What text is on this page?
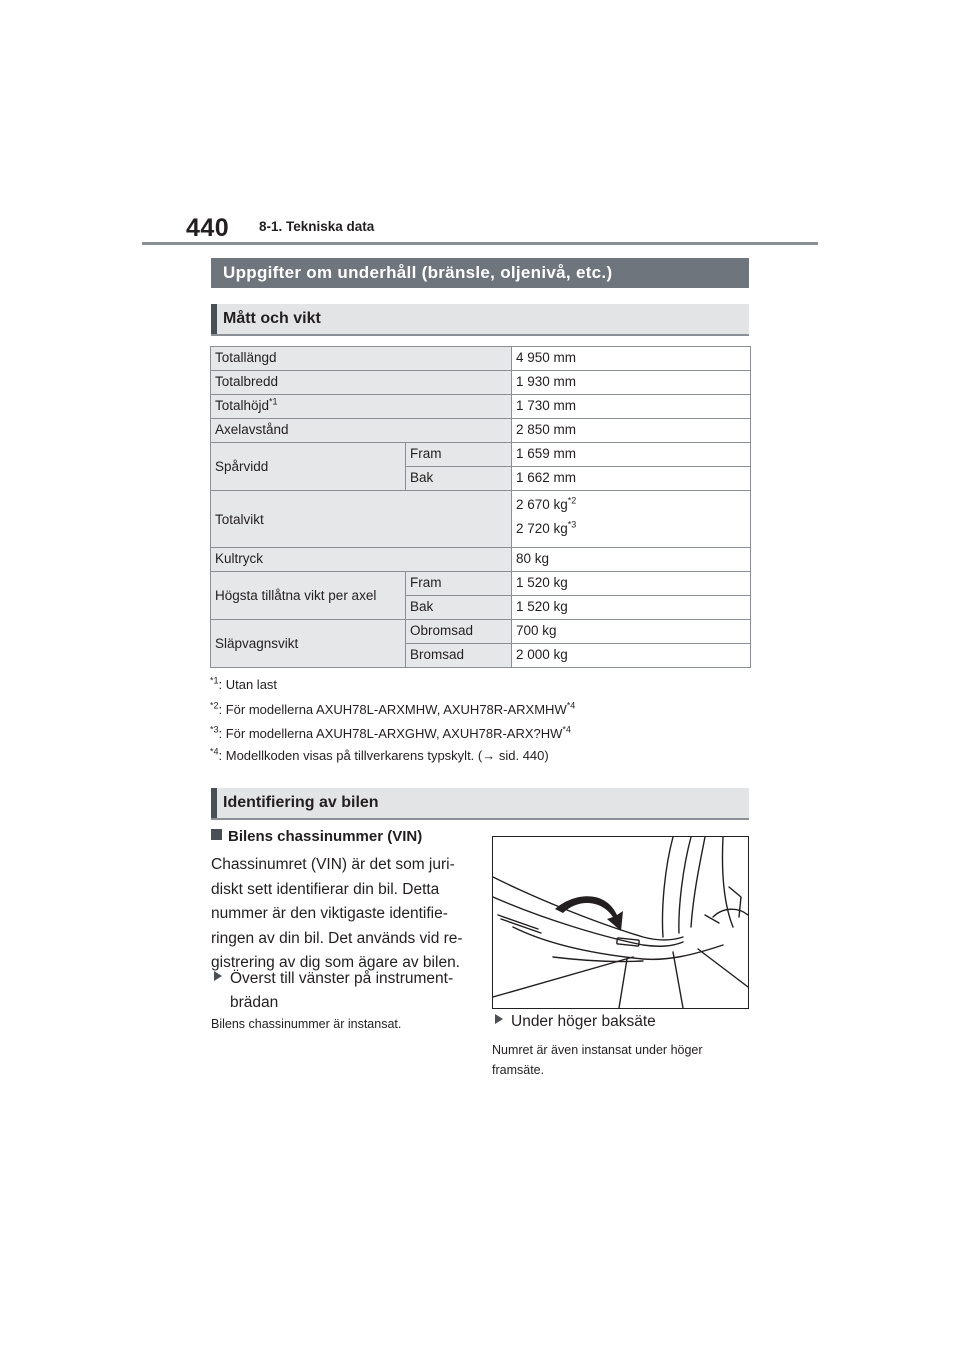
440 8-1. Tekniska data
Uppgifter om underhåll (bränsle, oljenivå, etc.)
Mått och vikt
Totallängd		4 950 mm
Totalbredd		1 930 mm
Totalhöjd$^{*1}$		1 730 mm
Axelavstånd		2 850 mm
Spårvidd	Fram	1 659 mm
	Bak	1 662 mm
Totalvikt		2 670 $kg^{*2}$
2 720 $kg^{*3}$

Kultryck		80 kg
Högsta tillåtna vikt per axel	Fram	1 520 kg
	Bak	1 520 kg
Släpvagnsvikt	Obromsad	700 kg
	Bromsad	2 000 kg
$^{*1}$: Utan last
$^{*2}$: För modellerna AXUH78L-ARXMHW, AXUH78R-ARXMHW$^{*4}$
$^{*3}$: För modellerna AXUH78L-ARXGHW, AXUH78R-ARX?HW$^{*4}$
$^{*4}$: Modellkoden visas på tillverkarens typskylt. (→ sid. 440)
Identifiering av bilen
Bilens chassinummer (VIN)
Chassinumret (VIN) är det som juri-
diskt sett identifierar din bil. Detta
nummer är den viktigaste identifie-
ringen av din bil. Det används vid re-
gistrering av dig som ägare av bilen.
Överst till vänster på instrument-
brädan
Bilens chassinummer är instansat.	Under höger baksäte
Numret är även instansat under höger
framsäte.
